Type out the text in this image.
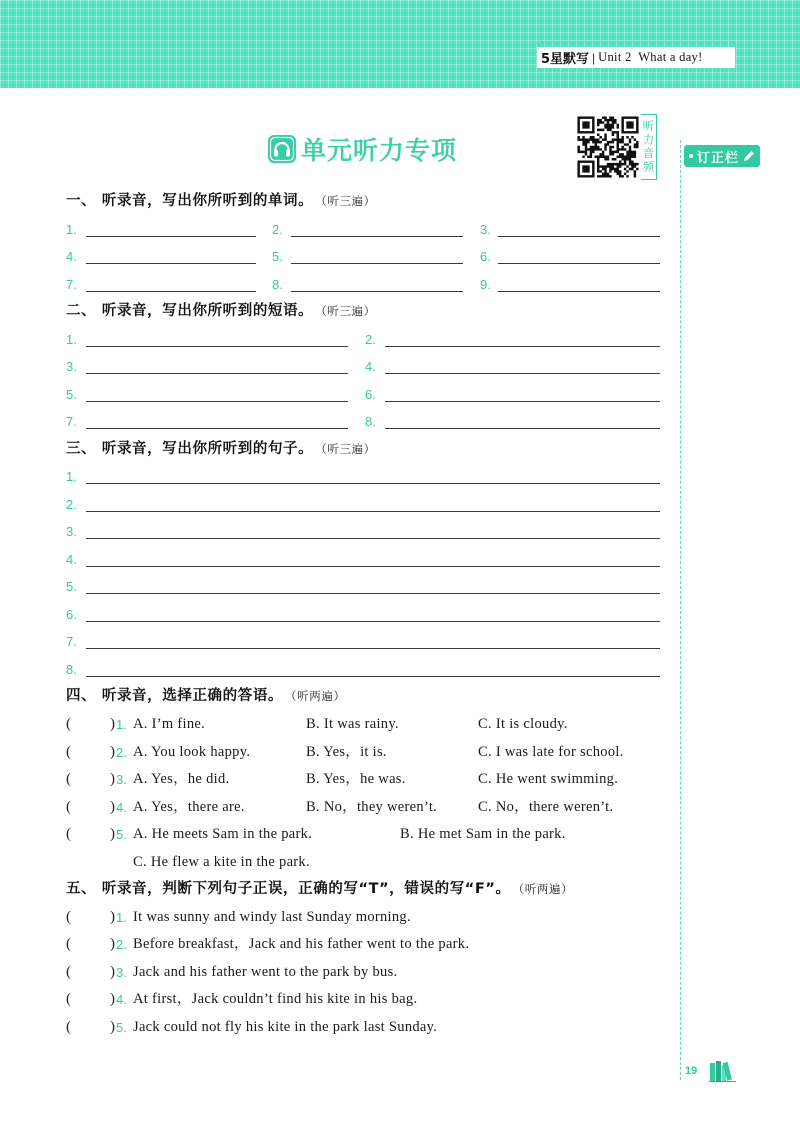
5星默写 | Unit 2  What a day!
单元听力专项	听力音频	订正栏
一、 听录音，写出你所听到的单词。 （听三遍）
1.	2.	3.
4.	5.	6.
7.	8.	9.
二、 听录音，写出你所听到的短语。 （听三遍）
1.	2.
3.	4.
5.	6.
7.	8.
三、 听录音，写出你所听到的句子。 （听三遍）
1.
2.
3.
4.
5.
6.
7.
8.
四、 听录音，选择正确的答语。 （听两遍）
(	) 1. A. I’m fine.	B. It was rainy.	C. It is cloudy.
(	) 2. A. You look happy.	B. Yes，it is.	C. I was late for school.
(	) 3. A. Yes，he did.	B. Yes，he was.	C. He went swimming.
(	) 4. A. Yes，there are.	B. No，they weren’t.	C. No，there weren’t.
(	) 5. A. He meets Sam in the park.	B. He met Sam in the park.
C. He flew a kite in the park.
五、 听录音，判断下列句子正误，正确的写“T”，错误的写“F”。 （听两遍）
(	) 1. It was sunny and windy last Sunday morning.
(	) 2. Before breakfast，Jack and his father went to the park.
(	) 3. Jack and his father went to the park by bus.
(	) 4. At first，Jack couldn’t find his kite in his bag.
(	) 5. Jack could not fly his kite in the park last Sunday.
19
